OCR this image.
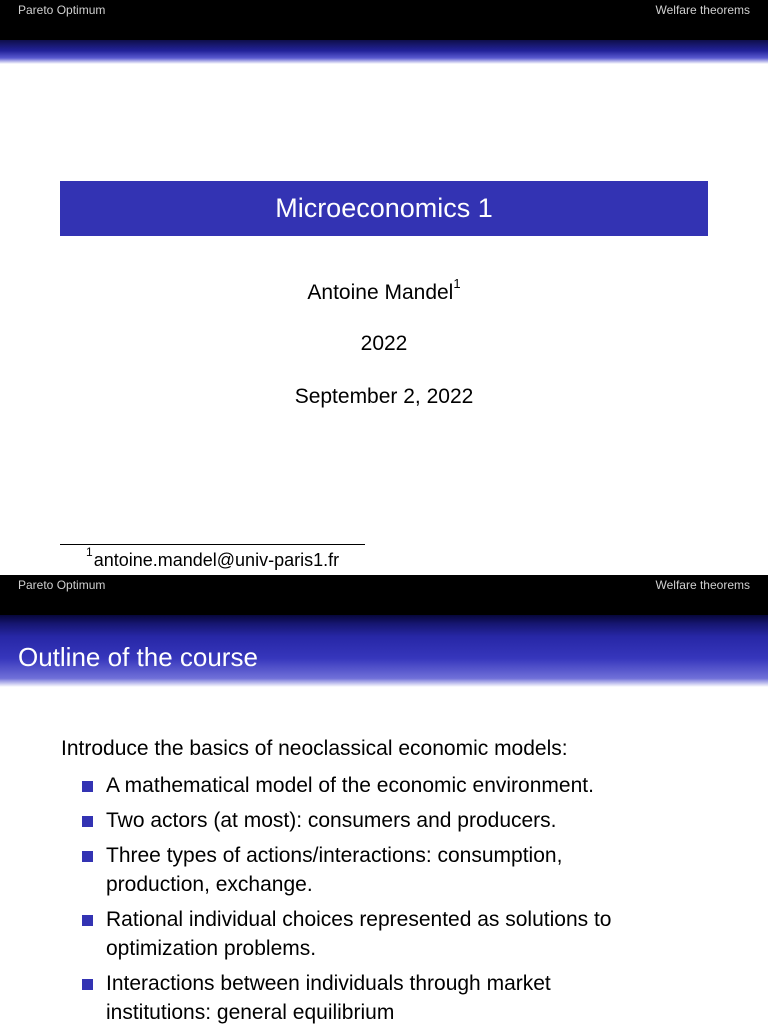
Pareto Optimum	Welfare theorems
Microeconomics 1
Antoine Mandel$^1$
2022
September 2, 2022
$^1$antoine.mandel@univ-paris1.fr
Pareto Optimum	Welfare theorems
Outline of the course
Introduce the basics of neoclassical economic models:
A mathematical model of the economic environment.
Two actors (at most): consumers and producers.
Three types of actions/interactions: consumption,
production, exchange.
Rational individual choices represented as solutions to
optimization problems.
Interactions between individuals through market
institutions: general equilibrium
